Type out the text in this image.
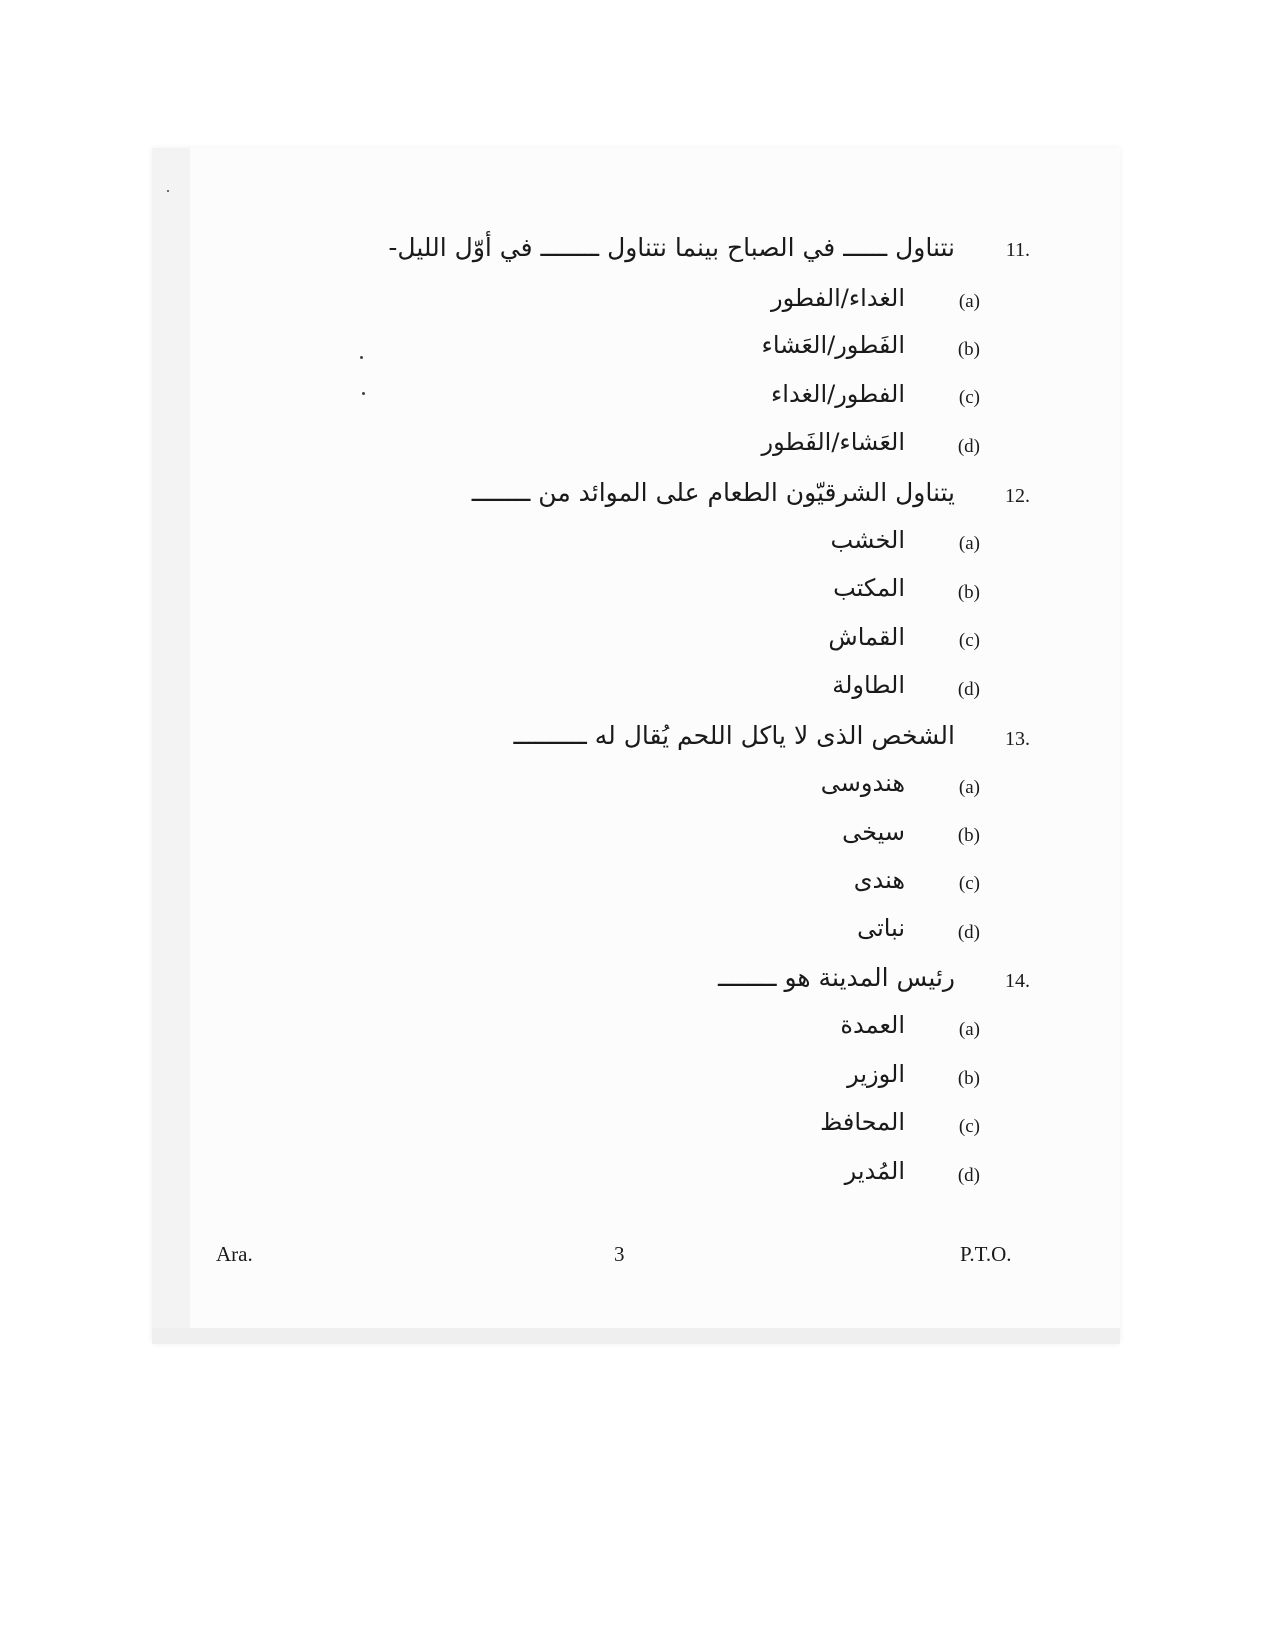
11.
نتناول ــــــ في الصباح بينما نتناول ــــــــ في أوّل الليل-
(a)
الغداء/الفطور
(b)
الفَطور/العَشاء
(c)
الفطور/الغداء
(d)
العَشاء/الفَطور
12.
يتناول الشرقيّون الطعام على الموائد من ــــــــ
(a)
الخشب
(b)
المكتب
(c)
القماش
(d)
الطاولة
13.
الشخص الذى لا ياكل اللحم يُقال له ــــــــــ
(a)
هندوسى
(b)
سيخى
(c)
هندى
(d)
نباتى
14.
رئيس المدينة هو ــــــــ
(a)
العمدة
(b)
الوزير
(c)
المحافظ
(d)
المُدير
Ara.	3	P.T.O.
